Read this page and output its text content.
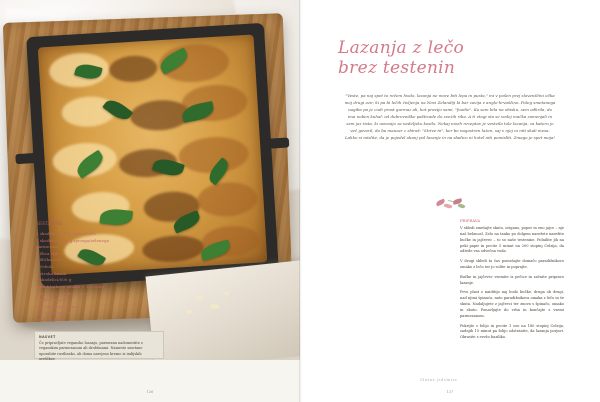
SESTAVINE
2 skodelici/250 g zelene leče
1 skodelica/150 g rjavega/zelenega
parmezana
1 žlica olja
1 žlička soli
1 čebula
2 stroka česna
2 skodelici/500 g
paradižnikove omake + 1/2 vode
1 žlica/0,5 dl kuhane leče
1 žlička origana
sol, poper (po okusu)
listi oljčnega olja
sveža bazilika
NASVET
Če pripravljate vegansko lazanjo, parmezan nadomestite z veganskim parmezanom ali drobtinami. Namesto smetane uporabite rastlinsko, ali doma narejeno kremo iz indijskih oreščkov.
136
Lazanja z lečo
brez testenin
"Veste, pa naj spet to rečem hvalo, lazanja ne more biti lepa in pusta," mi v pošen prej slovenščini očka moj drugi ozir, ki pa bi lečih življenja na Novi Zelandiji ki bar zavija v anglo-hrvaščino. Poleg smetanega nagiba pa je cudi prost gurmaz ali, kot pravijo sami, "foodie". Ko sem bila na obisku, sem odkrila, da ima noben kuhal: od dubrovniške pašticade do svežih riba. A ti vtogi sta se vedej mačka zamenjali in sem jaz tista, ki usnosijo za nedeljsko kosilo. Nekaj novih receptov je vestvila tole lazanja, za katero je več govoril, da ba manzar z zbiraš: "Strive-in", ker bo nagostren lažen, saj v njej ni niti skali mesa. Lahko si mislite, da je pojedel okanj pol lazanje in na sladico ni hotel niti pomisliti. Zmago je spet moja!
PRIPRAVA

V skledi zmešajte skuto, origano, poper in eno jajce – nje naš belanosl. Zelo na tanko po dolgem narežete narežite bučke in jajčevec – to so naše testenine. Polnilite jih na peki papir in pecite 5 minut na 200 stopinj Celzija, da odtede vsa odvečna voda.

V drugi skledi ta čas pomešajte domačo paradižnikovo omako z lečo ter jo solite in poprajte.

Bučke in jajčevec vzemite iz pečice in začnite pripravo lazanje.

Prvo plast z naiditijo naj bodo bučke, druga ob drugi, nad njimi špinaća, nato paradižnikova omaka z lečo in še skuta. Nadaljujete z jajčevci ter znova s špinačo, omako in skuto. Ponavljajte do vrha in končajte z vsemi parmezanom.

Pokrijte s folijo in pecite 1 uro na 180 stopinj Celzija, zadnjih 15 minut pa folijo odstranite, da lazanja porjavi. Okrasite s svežo baziliko.

Glavne jedi/mize
137
